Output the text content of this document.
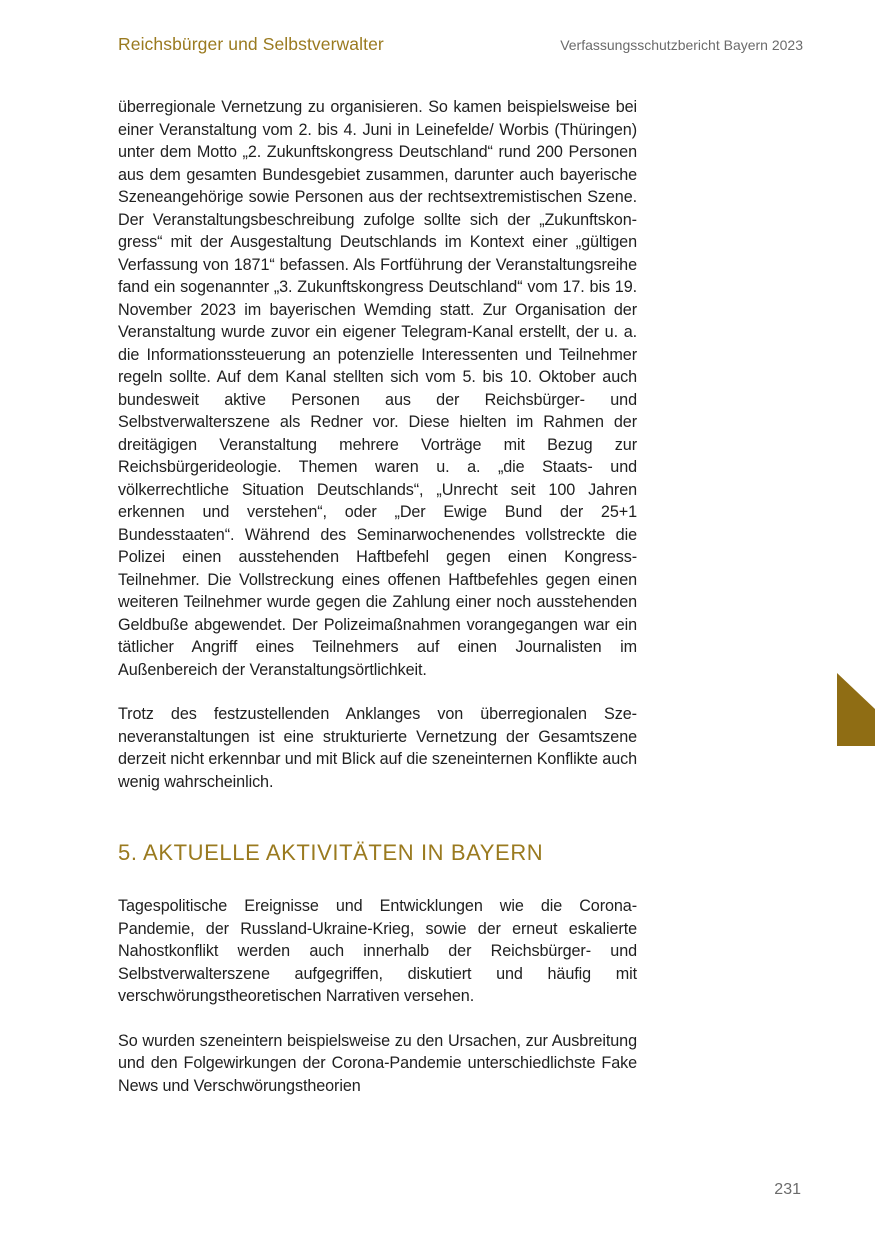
Reichsbürger und Selbstverwalter	Verfassungsschutzbericht Bayern 2023

überregionale Vernetzung zu organisieren. So kamen beispielsweise bei einer Veranstaltung vom 2. bis 4. Juni in Leinefelde/ Worbis (Thüringen) unter dem Motto „2. Zukunftskongress Deutschland“ rund 200 Personen aus dem gesamten Bundesgebiet zusammen, darunter auch bayerische Szeneangehörige sowie Personen aus der rechtsextremistischen Szene. Der Veranstaltungsbeschreibung zufolge sollte sich der „Zukunftskongress“ mit der Ausgestaltung Deutschlands im Kontext einer „gültigen Verfassung von 1871“ befassen. Als Fortführung der Veranstaltungsreihe fand ein sogenannter „3. Zukunftskongress Deutschland“ vom 17. bis 19. November 2023 im bayerischen Wemding statt. Zur Organisation der Veranstaltung wurde zuvor ein eigener Telegram-Kanal erstellt, der u. a. die Informationssteuerung an potenzielle Interessenten und Teilnehmer regeln sollte. Auf dem Kanal stellten sich vom 5. bis 10. Oktober auch bundesweit aktive Personen aus der Reichsbürger- und Selbstverwalterszene als Redner vor. Diese hielten im Rahmen der dreitägigen Veranstaltung mehrere Vorträge mit Bezug zur Reichsbürgerideologie. Themen waren u. a. „die Staats- und völkerrechtliche Situation Deutschlands“, „Unrecht seit 100 Jahren erkennen und verstehen“, oder „Der Ewige Bund der 25+1 Bundesstaaten“. Während des Seminarwochenendes vollstreckte die Polizei einen ausstehenden Haftbefehl gegen einen Kongress-Teilnehmer. Die Vollstreckung eines offenen Haftbefehles gegen einen weiteren Teilnehmer wurde gegen die Zahlung einer noch ausstehenden Geldbuße abgewendet. Der Polizeimaßnahmen vorangegangen war ein tätlicher Angriff eines Teilnehmers auf einen Journalisten im Außenbereich der Veranstaltungsörtlichkeit.

Trotz des festzustellenden Anklanges von überregionalen Szeneveranstaltungen ist eine strukturierte Vernetzung der Gesamtszene derzeit nicht erkennbar und mit Blick auf die szeneinternen Konflikte auch wenig wahrscheinlich.

5. AKTUELLE AKTIVITÄTEN IN BAYERN

Tagespolitische Ereignisse und Entwicklungen wie die Corona-Pandemie, der Russland-Ukraine-Krieg, sowie der erneut eskalierte Nahostkonflikt werden auch innerhalb der Reichsbürger- und Selbstverwalterszene aufgegriffen, diskutiert und häufig mit verschwörungstheoretischen Narrativen versehen.

So wurden szeneintern beispielsweise zu den Ursachen, zur Ausbreitung und den Folgewirkungen der Corona-Pandemie unterschiedlichste Fake News und Verschwörungstheorien

231
